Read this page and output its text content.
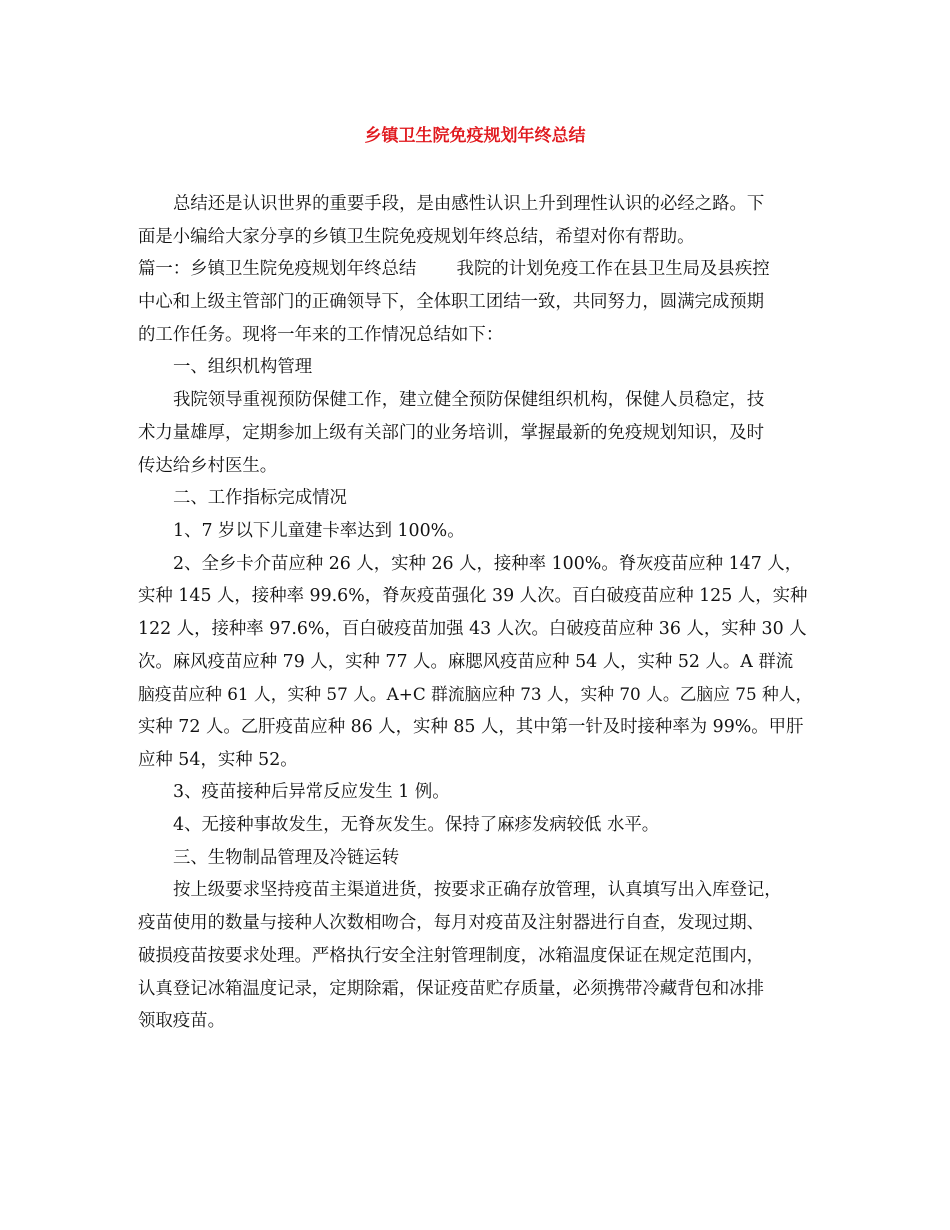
乡镇卫生院免疫规划年终总结
总结还是认识世界的重要手段，是由感性认识上升到理性认识的必经之路。下
面是小编给大家分享的乡镇卫生院免疫规划年终总结，希望对你有帮助。
篇一：乡镇卫生院免疫规划年终总结　　 我院的计划免疫工作在县卫生局及县疾控
中心和上级主管部门的正确领导下，全体职工团结一致，共同努力，圆满完成预期
的工作任务。现将一年来的工作情况总结如下：
一、组织机构管理
我院领导重视预防保健工作，建立健全预防保健组织机构，保健人员稳定，技
术力量雄厚，定期参加上级有关部门的业务培训，掌握最新的免疫规划知识，及时
传达给乡村医生。
二、工作指标完成情况
1、7 岁以下儿童建卡率达到 100%。
2、全乡卡介苗应种 26 人，实种 26 人，接种率 100%。脊灰疫苗应种 147 人，
实种 145 人，接种率 99.6%，脊灰疫苗强化 39 人次。百白破疫苗应种 125 人，实种
122 人，接种率 97.6%，百白破疫苗加强 43 人次。白破疫苗应种 36 人，实种 30 人
次。麻风疫苗应种 79 人，实种 77 人。麻腮风疫苗应种 54 人，实种 52 人。A 群流
脑疫苗应种 61 人，实种 57 人。A+C 群流脑应种 73 人，实种 70 人。乙脑应 75 种人，
实种 72 人。乙肝疫苗应种 86 人，实种 85 人，其中第一针及时接种率为 99%。甲肝
应种 54，实种 52。
3、疫苗接种后异常反应发生 1 例。
4、无接种事故发生，无脊灰发生。保持了麻疹发病较低 水平。
三、生物制品管理及冷链运转
按上级要求坚持疫苗主渠道进货，按要求正确存放管理，认真填写出入库登记，
疫苗使用的数量与接种人次数相吻合，每月对疫苗及注射器进行自查，发现过期、
破损疫苗按要求处理。严格执行安全注射管理制度，冰箱温度保证在规定范围内，
认真登记冰箱温度记录，定期除霜，保证疫苗贮存质量，必须携带冷藏背包和冰排
领取疫苗。
